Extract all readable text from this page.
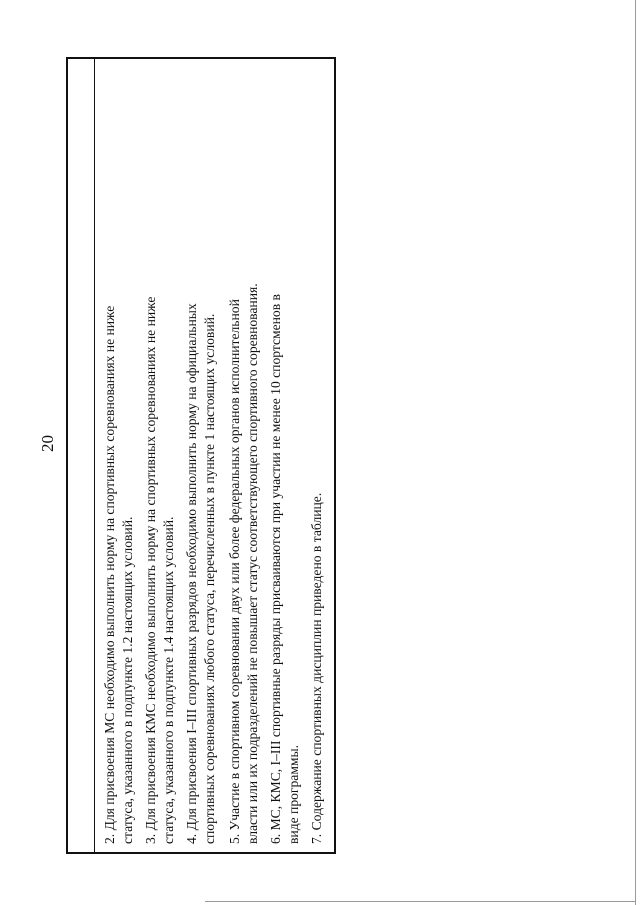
20	2. Для присвоения МС необходимо выполнить норму на спортивных соревнованиях не ниже статуса, указанного в подпункте 1.2 настоящих условий. 3. Для присвоения КМС необходимо выполнить норму на спортивных соревнованиях не ниже статуса, указанного в подпункте 1.4 настоящих условий. 4. Для присвоения I–III спортивных разрядов необходимо выполнить норму на официальных спортивных соревнованиях любого статуса, перечисленных в пункте 1 настоящих условий. 5. Участие в спортивном соревновании двух или более федеральных органов исполнительной власти или их подразделений не повышает статус соответствующего спортивного соревнования. 6. МС, КМС, I–III спортивные разряды присваиваются при участии не менее 10 спортсменов в виде программы. 7. Содержание спортивных дисциплин приведено в таблице.
